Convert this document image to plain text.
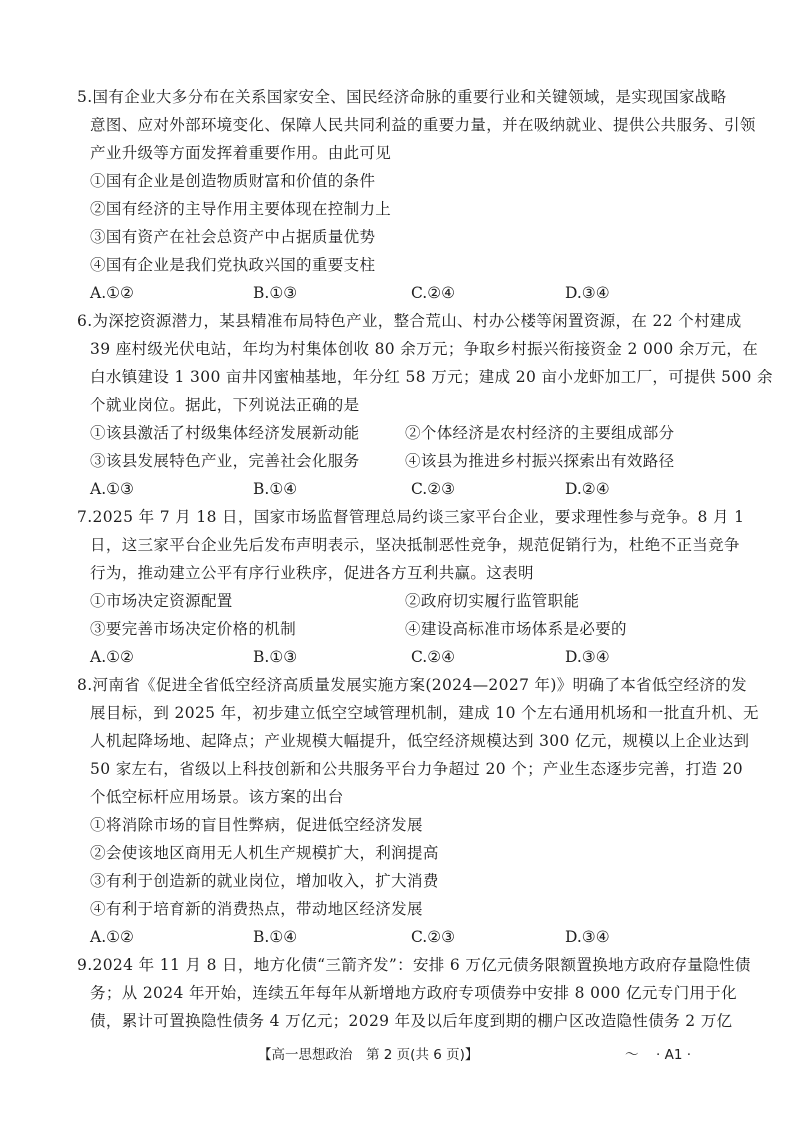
5.国有企业大多分布在关系国家安全、国民经济命脉的重要行业和关键领域，是实现国家战略
意图、应对外部环境变化、保障人民共同利益的重要力量，并在吸纳就业、提供公共服务、引领
产业升级等方面发挥着重要作用。由此可见
①国有企业是创造物质财富和价值的条件
②国有经济的主导作用主要体现在控制力上
③国有资产在社会总资产中占据质量优势
④国有企业是我们党执政兴国的重要支柱
A.①②	B.①③	C.②④	D.③④
6.为深挖资源潜力，某县精准布局特色产业，整合荒山、村办公楼等闲置资源，在 22 个村建成
39 座村级光伏电站，年均为村集体创收 80 余万元；争取乡村振兴衔接资金 2 000 余万元，在
白水镇建设 1 300 亩井冈蜜柚基地，年分红 58 万元；建成 20 亩小龙虾加工厂，可提供 500 余
个就业岗位。据此，下列说法正确的是
①该县激活了村级集体经济发展新动能	②个体经济是农村经济的主要组成部分
③该县发展特色产业，完善社会化服务	④该县为推进乡村振兴探索出有效路径
A.①③	B.①④	C.②③	D.②④
7.2025 年 7 月 18 日，国家市场监督管理总局约谈三家平台企业，要求理性参与竞争。8 月 1
日，这三家平台企业先后发布声明表示，坚决抵制恶性竞争，规范促销行为，杜绝不正当竞争
行为，推动建立公平有序行业秩序，促进各方互利共赢。这表明
①市场决定资源配置	②政府切实履行监管职能
③要完善市场决定价格的机制	④建设高标准市场体系是必要的
A.①②	B.①③	C.②④	D.③④
8.河南省《促进全省低空经济高质量发展实施方案(2024—2027 年)》明确了本省低空经济的发
展目标，到 2025 年，初步建立低空空域管理机制，建成 10 个左右通用机场和一批直升机、无
人机起降场地、起降点；产业规模大幅提升，低空经济规模达到 300 亿元，规模以上企业达到
50 家左右，省级以上科技创新和公共服务平台力争超过 20 个；产业生态逐步完善，打造 20
个低空标杆应用场景。该方案的出台
①将消除市场的盲目性弊病，促进低空经济发展
②会使该地区商用无人机生产规模扩大，利润提高
③有利于创造新的就业岗位，增加收入，扩大消费
④有利于培育新的消费热点，带动地区经济发展
A.①②	B.①④	C.②③	D.③④
9.2024 年 11 月 8 日，地方化债“三箭齐发”：安排 6 万亿元债务限额置换地方政府存量隐性债
务；从 2024 年开始，连续五年每年从新增地方政府专项债券中安排 8 000 亿元专门用于化
债，累计可置换隐性债务 4 万亿元；2029 年及以后年度到期的棚户区改造隐性债务 2 万亿
【高一思想政治　第 2 页(共 6 页)】	～ · A1 ·
